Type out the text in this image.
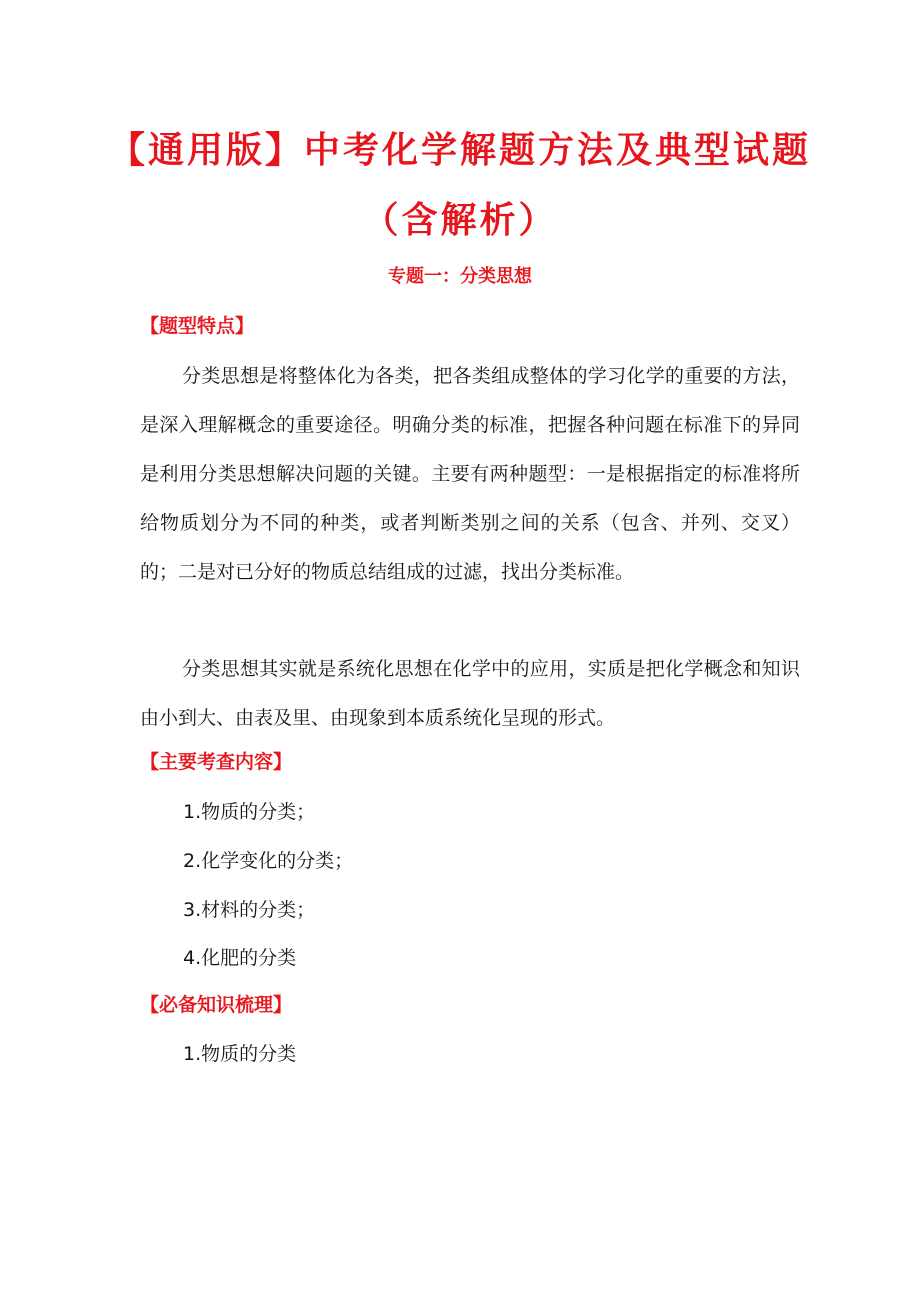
【通用版】中考化学解题方法及典型试题
（含解析）
专题一：分类思想
【题型特点】
分类思想是将整体化为各类，把各类组成整体的学习化学的重要的方法，是深入理解概念的重要途径。明确分类的标准，把握各种问题在标准下的异同是利用分类思想解决问题的关键。主要有两种题型：一是根据指定的标准将所给物质划分为不同的种类，或者判断类别之间的关系（包含、并列、交叉）的；二是对已分好的物质总结组成的过滤，找出分类标准。
分类思想其实就是系统化思想在化学中的应用，实质是把化学概念和知识由小到大、由表及里、由现象到本质系统化呈现的形式。
【主要考查内容】
1.物质的分类；
2.化学变化的分类；
3.材料的分类；
4.化肥的分类
【必备知识梳理】
1.物质的分类
